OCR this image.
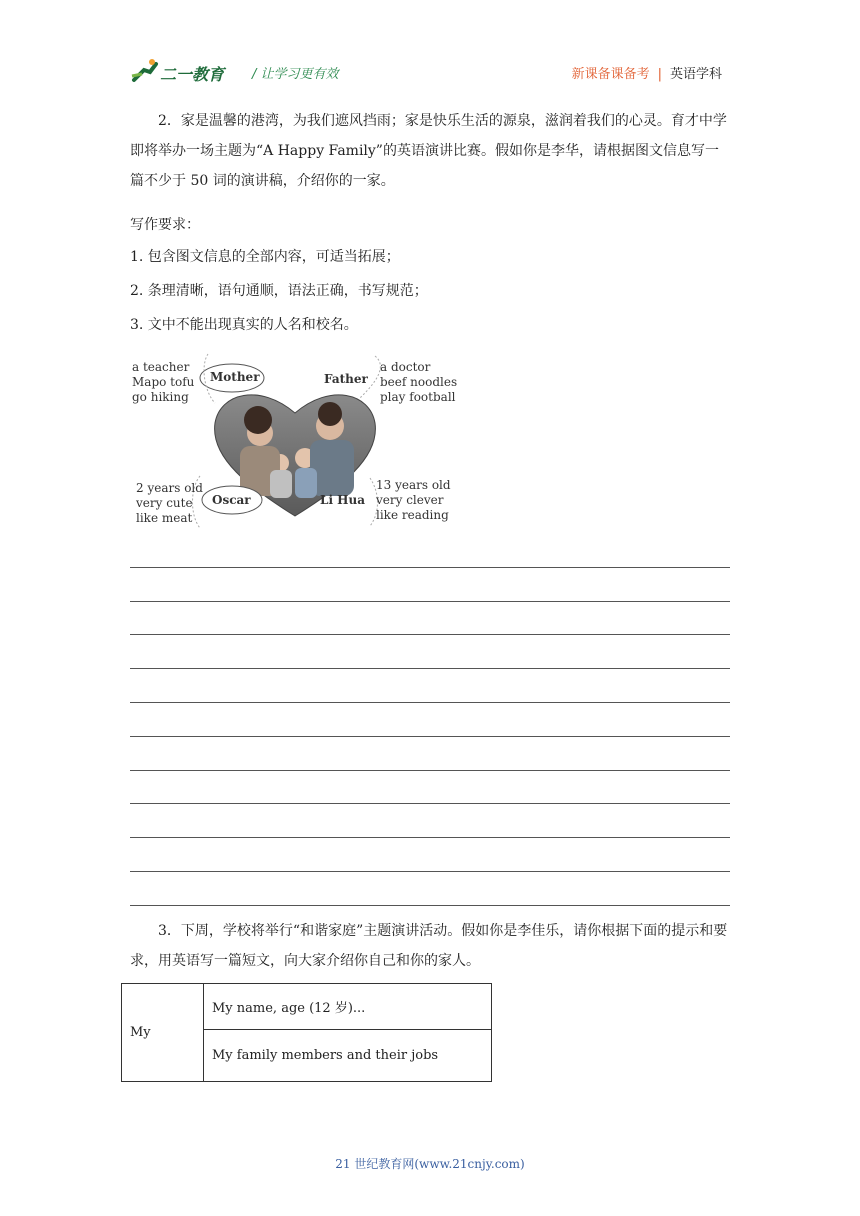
二一教育 / 让学习更有效	新课备课备考 | 英语学科
2．家是温馨的港湾，为我们遮风挡雨；家是快乐生活的源泉，滋润着我们的心灵。育才中学即将举办一场主题为“A Happy Family”的英语演讲比赛。假如你是李华，请根据图文信息写一篇不少于 50 词的演讲稿，介绍你的一家。
写作要求：
1. 包含图文信息的全部内容，可适当拓展；
2. 条理清晰，语句通顺，语法正确，书写规范；
3. 文中不能出现真实的人名和校名。
a teacher
Mapo tofu
go hiking
Mother	Father
a doctor
beef noodles
play football
2 years old
very cute
like meat
Oscar	Li Hua
13 years old
very clever
like reading
3．下周，学校将举行“和谐家庭”主题演讲活动。假如你是李佳乐，请你根据下面的提示和要求，用英语写一篇短文，向大家介绍你自己和你的家人。
My	My name, age (12 岁)...
My family members and their jobs
21 世纪教育网(www.21cnjy.com)
